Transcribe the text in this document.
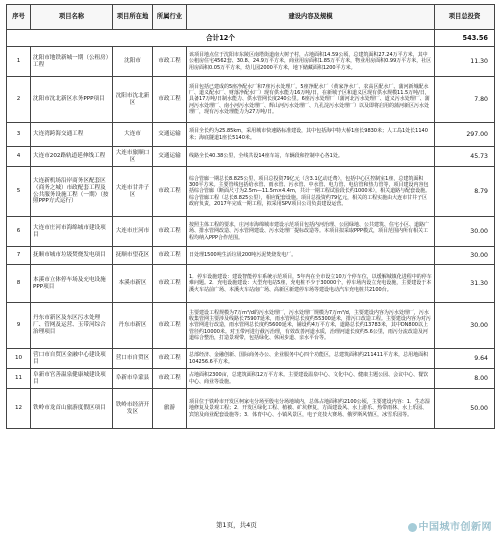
序号	项目名称	项目所在地	所属行业	建设内容及规模	项目总投资
合计12个					543.56
1	沈阳市地铁新城一期（公租房）工程	沈阳市	市政工程	该项目地点位于沈阳市东陵区南塔街道南大树子村，占地面积14.59公顷，总建筑面积27.24万平方米，其中公租房住宅4562套、30.8、24.9万平方米，商业用房面积1.85万平方米，物业用房面积0.99万平方米，社区用房面积0.05万平方米，幼儿园2000平方米，地下储藏面积1200平方米。	11.30
2	沈阳市沈北新区水务PPP项目	沈阳市沈北新区	市政工程	项目包括已建成的5座净配水厂和7座污水处理厂。5座净配水厂（黄家净水厂、农高区配水厂、蒲河新城配水厂、道义配水厂、财落净配水厂）现有供水能力16万吨/日，在新城子区和道义区现有供水规模11.5万吨/日，具备17万吨/日制水能力、供水管网长度240公里。6座污水处理厂（蒲河北污水处理厂、道义污水处理厂、蒲河污水处理厂、南小河污水处理厂、辉山河污水处理厂、九孔淀污水处理厂）以及即将启用的蒲河新区污水处理厂，现有污水处理能力为27万吨/日。	7.80
3	大连湾跨海交通工程	大连市	交通运输	项目全长约为25.85km，采用城市快速路标准建设，其中包括海中特大桥1座长9830米；人工岛1处长1140米；海底隧道1座长5140米。	297.00
4	大连市202路轨道延伸线工程	大连市旅顺口区	交通运输	线路全长40.38公里，全线共设14座车站，车辆段和控制中心各1处。	45.73
5	大连新机场沿岸商务区配套区（商务之城）市政配套工程及公共服务设施工程（一期）（按照PPP方式运行）	大连市甘井子区	市政工程	综合管廊一期总长8.825公里，项目总投资79亿元（含3.1亿动迁费），包括中心区控制室1座，总建筑面积300平方米。主要管线包括给水管、雨水管、污水管、中水管、电力管、电信管和热力管等，项目建设内容包括综合管廊（断面尺寸为2.5m—11.5m×4.4m，共计一期工程试验段长约1000米），相关道路与配套设施。综合管廊工程（总长8.825公里），相应配套设施。项目总投资约79亿元，相关的工程实施由大连市甘井子区政府负责，2017年完成一期工程，拟采用SPV项目公司负责建设运营。	8.79
6	大连市庄河市海绵城市建设项目	大连市庄河市	市政工程	按照主体工程的要求，庄河市海绵城市建设示范项目包括内河治理、公园绿地、公共建筑、住宅小区、道路广场、排水管网改造、污水管网建设、污水处理厂提标改造等。本项目拟采取PPP模式，项目范围内所有相关工程均纳入PPP合作范围。	30.00
7	抚顺市城市垃圾焚烧发电项目	抚顺市望花区	市政工程	日处理1500吨生活垃圾200吨污泥焚烧发电厂。	30.00
8	本溪市立体停车场及充电设施PPP项目	本溪市新区	市政工程	1．停车设施建设：建设智能停车系统示范项目，5年内在全市设立10万个停车位，以缓解城镇化进程中的停车难问题。2．充电设施建设：大型充电站5座，充电桩不少于30000个，停车场内设立充电设施，主要建设于本溪火车站前广场、本溪火车站南广场、高新区新建停车场等建设电动汽车充电桩共2100台。	31.30
9	丹东市新区及东区污水处理厂、管网及运营、玉带河综合治理项目	丹东市新区	市政工程	主要建设工程规模为7万m³/d的污水处理厂，污水处理厂规模为7万m³/d，主要建设内容为污水处理厂，污水收集管网主要涉及线路长75907延米，雨水管网总长度约55300延米，排污口改造工程。主要建设内容为对污水管网进行改造，雨水管网总长度约5600延米，铺设约4万平方米，道路总长约13783米，其中DN800以上管径约10000米。对玉带河进行截污治理，有效改善河道水质，治理河道长度约5.6公里，雨污分流改造及河道综合整治，打造景观带，包括绿化、休闲步道、亲水平台等。	30.00
10	营口市自贸区金融中心建设项目	营口市自贸区	市政工程	总部经济、金融创新、国际商务办公、企业服务中心四个功能区，总建筑面积约211411平方米，总用地面积104256.6平方米。	9.64
11	阜新市官善温泉健康城建设项目	阜新市阜蒙县	市政工程	占地面积2300亩，总建筑面积12万平方米。主要建设温泉中心、文化中心、健康主题公园、会议中心、餐饮中心、商业等设施。	8.00
12	铁岭市龙首山旅游度假区项目	铁岭市经济开发区	旅游	项目位于铁岭市开发区柯家屯分场至殷屯分场地域内，总体占地面积约2100公顷，主要建设内容：1．生态湿地修复及景观工程；2．开发区绿化工程、植被、矿坑修复，方面建设风、水上游乐、热带雨林、水上乐园、宾馆及商业配套设施等；3．体育中心、小镇风景区，电子竞技大赛场、俄罗斯风情区，冰雪乐园等。	50.00
第1页，共4页	中国城市创新网
